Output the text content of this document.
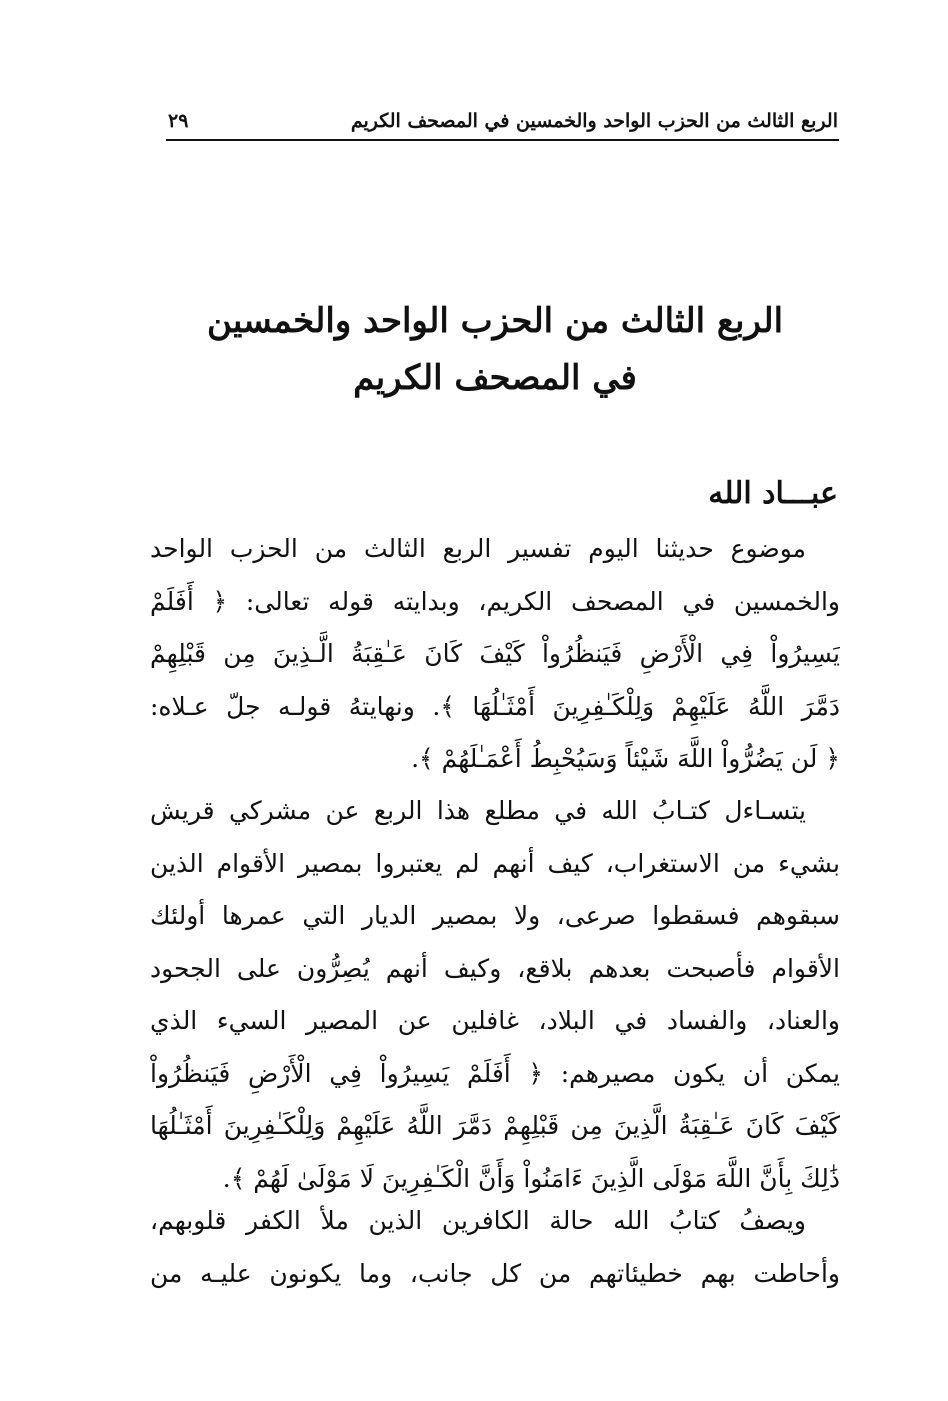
الربع الثالث من الحزب الواحد والخمسين في المصحف الكريم
٢٩
الربع الثالث من الحزب الواحد والخمسين
في المصحف الكريم
عبـــاد الله
موضوع حديثنا اليوم تفسير الربع الثالث من الحزب الواحد
والخمسين في المصحف الكريم، وبدايته قوله تعالى: ﴿ أَفَلَمْ
يَسِيرُواْ فِي الْأَرْضِ فَيَنظُرُواْ كَيْفَ كَانَ عَـٰقِبَةُ الَّـذِينَ مِن قَبْلِهِمْ
دَمَّرَ اللَّهُ عَلَيْهِمْ وَلِلْكَـٰفِرِينَ أَمْثَـٰلُهَا ﴾. ونهايتهُ قولـه جلّ عـلاه:
﴿ لَن يَضُرُّواْ اللَّهَ شَيْئاً وَسَيُحْبِطُ أَعْمَـٰلَهُمْ ﴾.
يتسـاءل كتـابُ الله في مطلع هذا الربع عن مشركي قريش
بشيء من الاستغراب، كيف أنهم لم يعتبروا بمصير الأقوام الذين
سبقوهم فسقطوا صرعى، ولا بمصير الديار التي عمرها أولئك
الأقوام فأصبحت بعدهم بلاقع، وكيف أنهم يُصِرُّون على الجحود
والعناد، والفساد في البلاد، غافلين عن المصير السيء الذي
يمكن أن يكون مصيرهم: ﴿ أَفَلَمْ يَسِيرُواْ فِي الْأَرْضِ فَيَنظُرُواْ
كَيْفَ كَانَ عَـٰقِبَةُ الَّذِينَ مِن قَبْلِهِمْ دَمَّرَ اللَّهُ عَلَيْهِمْ وَلِلْكَـٰفِرِينَ أَمْثَـٰلُهَا
ذَٰلِكَ بِأَنَّ اللَّهَ مَوْلَى الَّذِينَ ءَامَنُواْ وَأَنَّ الْكَـٰفِرِينَ لَا مَوْلَىٰ لَهُمْ ﴾.
ويصفُ كتابُ الله حالة الكافرين الذين ملأ الكفر قلوبهم،
وأحاطت بهم خطيئاتهم من كل جانب، وما يكونون عليـه من
